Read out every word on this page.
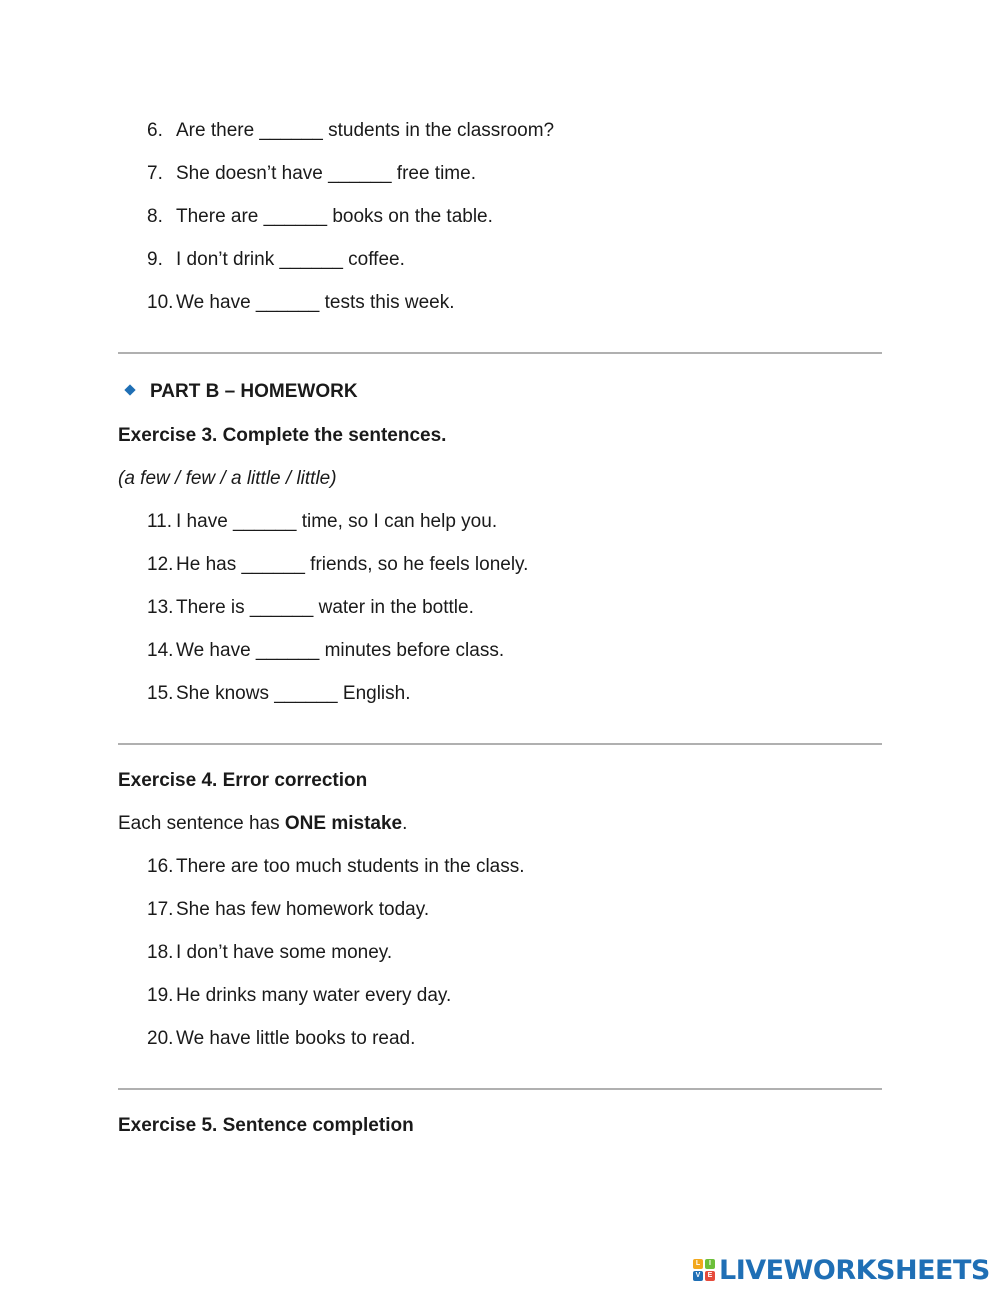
6. Are there ______ students in the classroom?
7. She doesn’t have ______ free time.
8. There are ______ books on the table.
9. I don’t drink ______ coffee.
10. We have ______ tests this week.
PART B – HOMEWORK
Exercise 3. Complete the sentences.
(a few / few / a little / little)
11. I have ______ time, so I can help you.
12. He has ______ friends, so he feels lonely.
13. There is ______ water in the bottle.
14. We have ______ minutes before class.
15. She knows ______ English.
Exercise 4. Error correction
Each sentence has ONE mistake.
16. There are too much students in the class.
17. She has few homework today.
18. I don’t have some money.
19. He drinks many water every day.
20. We have little books to read.
Exercise 5. Sentence completion
L	I
V	E LIVEWORKSHEETS
